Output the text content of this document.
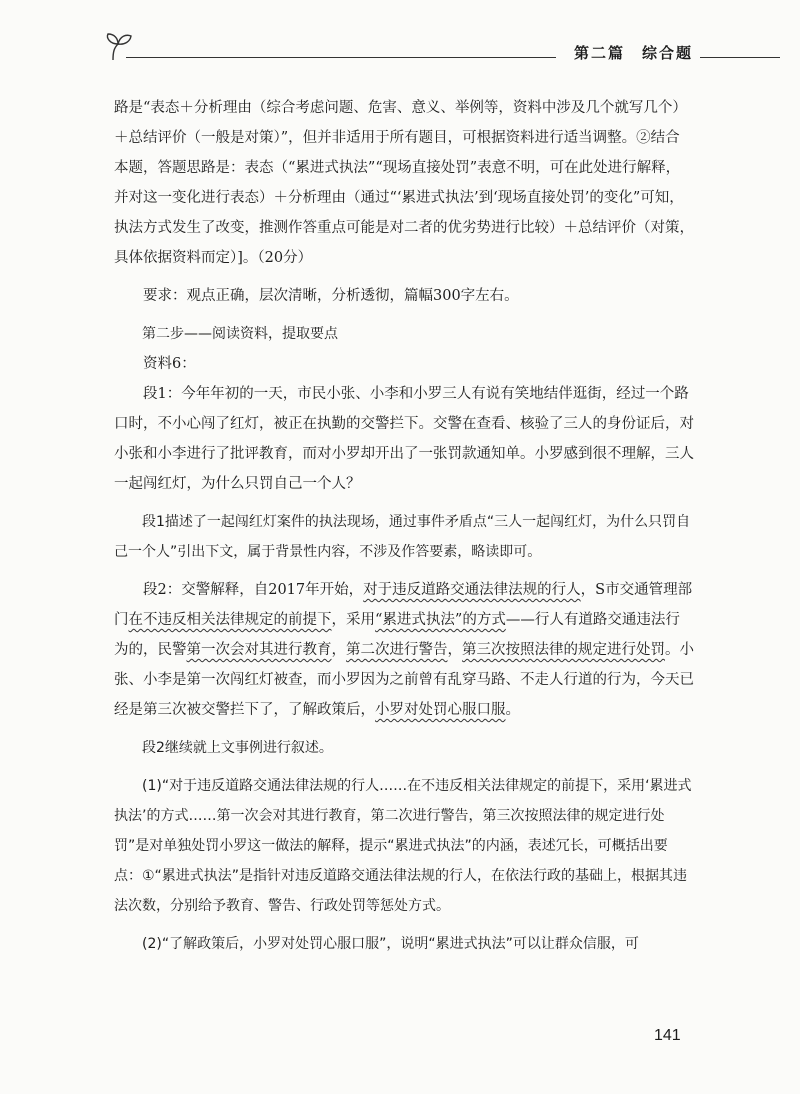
第二篇　综合题

路是“表态＋分析理由（综合考虑问题、危害、意义、举例等，资料中涉及几个就写几个）＋总结评价（一般是对策）”，但并非适用于所有题目，可根据资料进行适当调整。②结合本题，答题思路是：表态（“累进式执法”“现场直接处罚”表意不明，可在此处进行解释，并对这一变化进行表态）＋分析理由（通过“‘累进式执法’到‘现场直接处罚’的变化”可知，执法方式发生了改变，推测作答重点可能是对二者的优劣势进行比较）＋总结评价（对策，具体依据资料而定）]。（20分）

要求：观点正确，层次清晰，分析透彻，篇幅300字左右。

第二步——阅读资料，提取要点

资料6：

段1：今年年初的一天，市民小张、小李和小罗三人有说有笑地结伴逛街，经过一个路口时，不小心闯了红灯，被正在执勤的交警拦下。交警在查看、核验了三人的身份证后，对小张和小李进行了批评教育，而对小罗却开出了一张罚款通知单。小罗感到很不理解，三人一起闯红灯，为什么只罚自己一个人？

段1描述了一起闯红灯案件的执法现场，通过事件矛盾点“三人一起闯红灯，为什么只罚自己一个人”引出下文，属于背景性内容，不涉及作答要素，略读即可。

段2：交警解释，自2017年开始，对于违反道路交通法律法规的行人，S市交通管理部门在不违反相关法律规定的前提下，采用“累进式执法”的方式——行人有道路交通违法行为的，民警第一次会对其进行教育，第二次进行警告，第三次按照法律的规定进行处罚。小张、小李是第一次闯红灯被查，而小罗因为之前曾有乱穿马路、不走人行道的行为，今天已经是第三次被交警拦下了，了解政策后，小罗对处罚心服口服。

段2继续就上文事例进行叙述。

(1)“对于违反道路交通法律法规的行人……在不违反相关法律规定的前提下，采用‘累进式执法’的方式……第一次会对其进行教育，第二次进行警告，第三次按照法律的规定进行处罚”是对单独处罚小罗这一做法的解释，提示“累进式执法”的内涵，表述冗长，可概括出要点：①“累进式执法”是指针对违反道路交通法律法规的行人，在依法行政的基础上，根据其违法次数，分别给予教育、警告、行政处罚等惩处方式。

(2)“了解政策后，小罗对处罚心服口服”，说明“累进式执法”可以让群众信服，可

141
